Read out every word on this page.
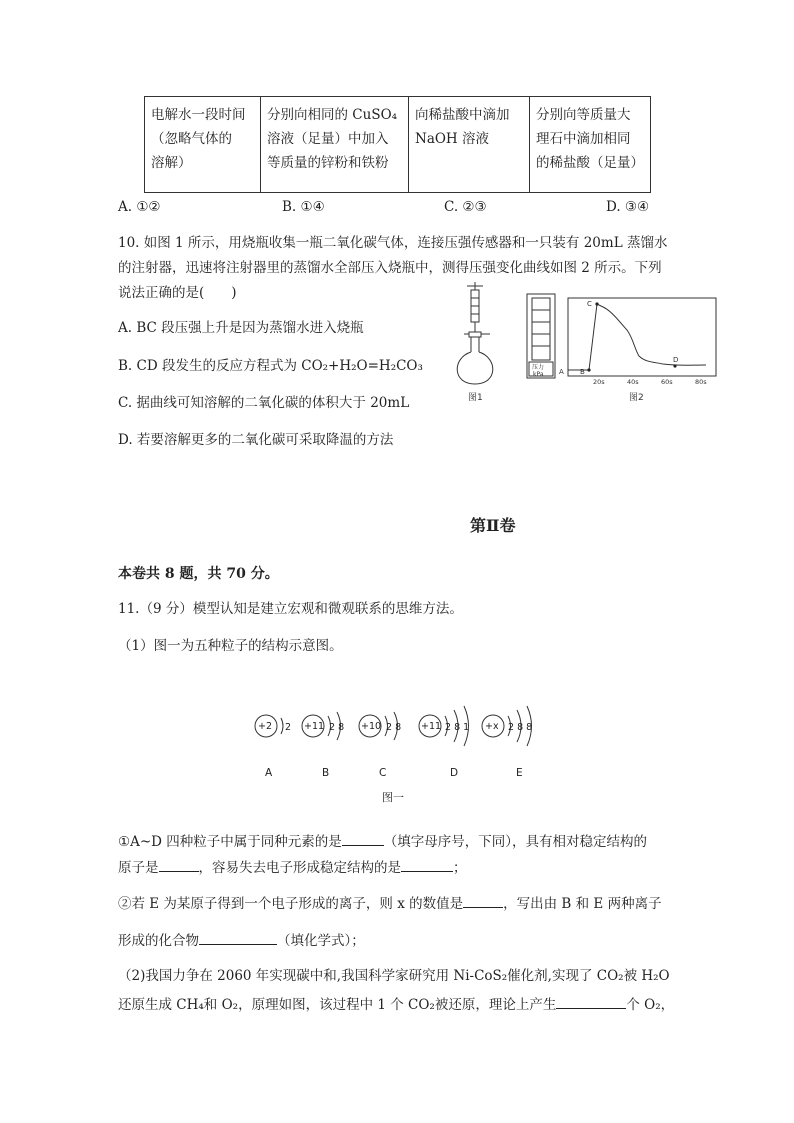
电解水一段时间
（忽略气体的
溶解）

分别向相同的 CuSO₄
溶液（足量）中加入
等质量的锌粉和铁粉

向稀盐酸中滴加
NaOH 溶液

分别向等质量大
理石中滴加相同
的稀盐酸（足量）
A. ①②	B. ①④	C. ②③	D. ③④
10. 如图 1 所示，用烧瓶收集一瓶二氧化碳气体，连接压强传感器和一只装有 20mL 蒸馏水
的注射器，迅速将注射器里的蒸馏水全部压入烧瓶中，测得压强变化曲线如图 2 所示。下列
说法正确的是(　　)
A. BC 段压强上升是因为蒸馏水进入烧瓶
B. CD 段发生的反应方程式为 CO₂+H₂O=H₂CO₃
C. 据曲线可知溶解的二氧化碳的体积大于 20mL
D. 若要溶解更多的二氧化碳可采取降温的方法
图1
压力
kPa A B
C
D
20s	40s	60s	80s
图2
第Ⅱ卷
本卷共 8 题，共 70 分。
11.（9 分）模型认知是建立宏观和微观联系的思维方法。
（1）图一为五种粒子的结构示意图。
+2 2 +11 2 8 +10 2 8 +11 2 8 1 +x 2 8 8
A	B	C	D	E
图一
①A~D 四种粒子中属于同种元素的是	（填字母序号，下同），具有相对稳定结构的
原子是	，容易失去电子形成稳定结构的是	；
②若 E 为某原子得到一个电子形成的离子，则 x 的数值是	，写出由 B 和 E 两种离子
形成的化合物	（填化学式）；
（2)我国力争在 2060 年实现碳中和,我国科学家研究用 Ni-CoS₂催化剂,实现了 CO₂被 H₂O
还原生成 CH₄和 O₂，原理如图，该过程中 1 个 CO₂被还原，理论上产生	个 O₂，
